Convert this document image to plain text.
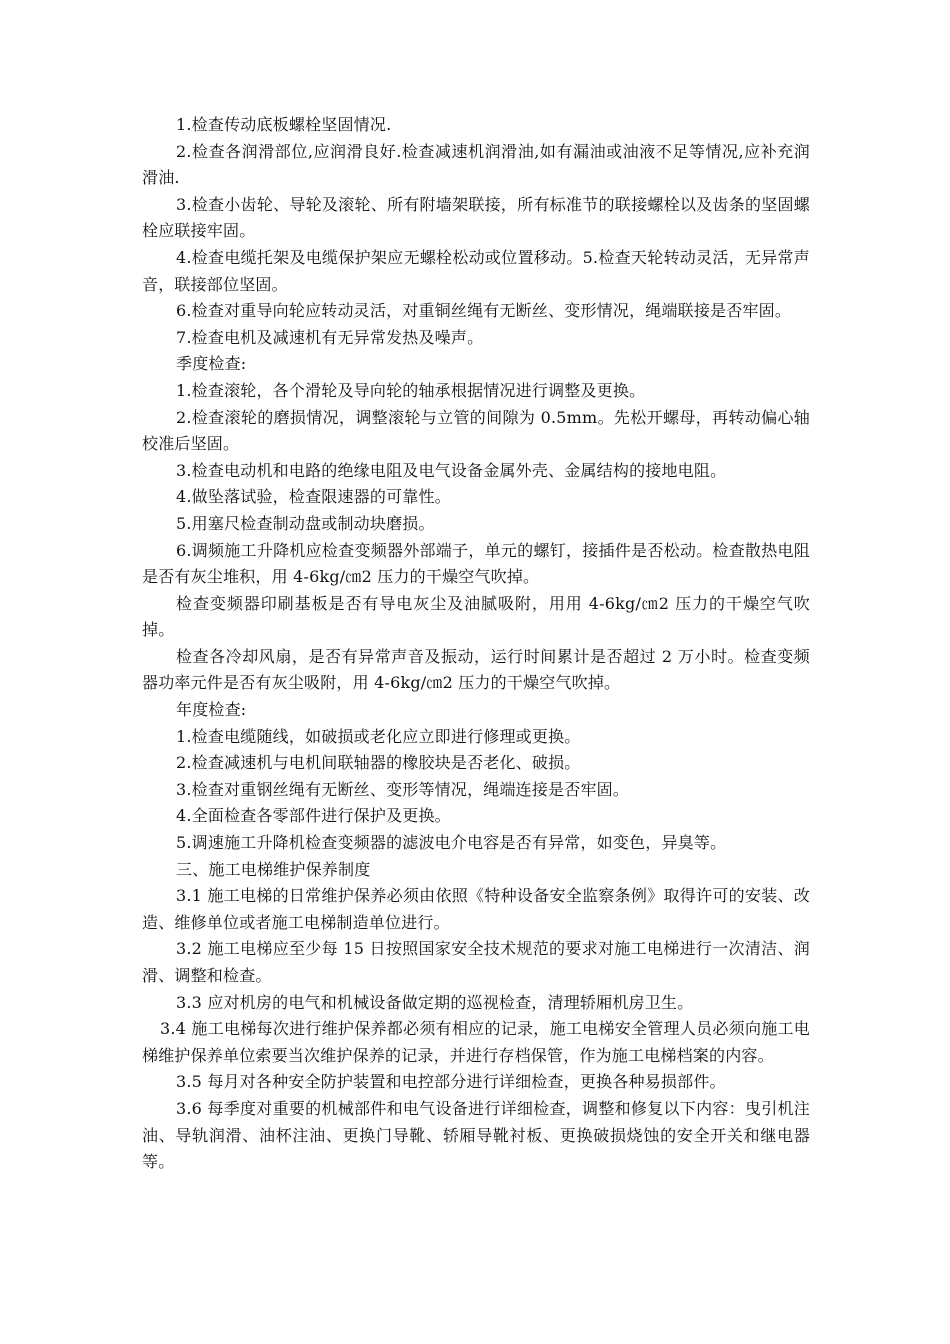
1.检查传动底板螺栓坚固情况.

2.检查各润滑部位,应润滑良好.检查减速机润滑油,如有漏油或油液不足等情况,应补充润滑油.

3.检查小齿轮、导轮及滚轮、所有附墙架联接，所有标准节的联接螺栓以及齿条的坚固螺栓应联接牢固。

4.检查电缆托架及电缆保护架应无螺栓松动或位置移动。5.检查天轮转动灵活，无异常声音，联接部位坚固。

6.检查对重导向轮应转动灵活，对重铜丝绳有无断丝、变形情况，绳端联接是否牢固。

7.检查电机及减速机有无异常发热及噪声。

季度检查:

1.检查滚轮，各个滑轮及导向轮的轴承根据情况进行调整及更换。

2.检查滚轮的磨损情况，调整滚轮与立管的间隙为 0.5mm。先松开螺母，再转动偏心轴校准后坚固。

3.检查电动机和电路的绝缘电阻及电气设备金属外壳、金属结构的接地电阻。

4.做坠落试验，检查限速器的可靠性。

5.用塞尺检查制动盘或制动块磨损。

6.调频施工升降机应检查变频器外部端子，单元的螺钉，接插件是否松动。检查散热电阻是否有灰尘堆积，用 4-6kg/㎝2 压力的干燥空气吹掉。

检查变频器印刷基板是否有导电灰尘及油腻吸附，用用 4-6kg/㎝2 压力的干燥空气吹掉。

检查各冷却风扇，是否有异常声音及振动，运行时间累计是否超过 2 万小时。检查变频器功率元件是否有灰尘吸附，用 4-6kg/㎝2 压力的干燥空气吹掉。

年度检查:

1.检查电缆随线，如破损或老化应立即进行修理或更换。

2.检查减速机与电机间联轴器的橡胶块是否老化、破损。

3.检查对重钢丝绳有无断丝、变形等情况，绳端连接是否牢固。

4.全面检查各零部件进行保护及更换。

5.调速施工升降机检查变频器的滤波电介电容是否有异常，如变色，异臭等。

三、施工电梯维护保养制度

3.1 施工电梯的日常维护保养必须由依照《特种设备安全监察条例》取得许可的安装、改造、维修单位或者施工电梯制造单位进行。

3.2 施工电梯应至少每 15 日按照国家安全技术规范的要求对施工电梯进行一次清洁、润滑、调整和检查。

3.3 应对机房的电气和机械设备做定期的巡视检查，清理轿厢机房卫生。

3.4 施工电梯每次进行维护保养都必须有相应的记录，施工电梯安全管理人员必须向施工电梯维护保养单位索要当次维护保养的记录，并进行存档保管，作为施工电梯档案的内容。

3.5 每月对各种安全防护装置和电控部分进行详细检查，更换各种易损部件。

3.6 每季度对重要的机械部件和电气设备进行详细检查，调整和修复以下内容：曳引机注油、导轨润滑、油杯注油、更换门导靴、轿厢导靴衬板、更换破损烧蚀的安全开关和继电器等。
